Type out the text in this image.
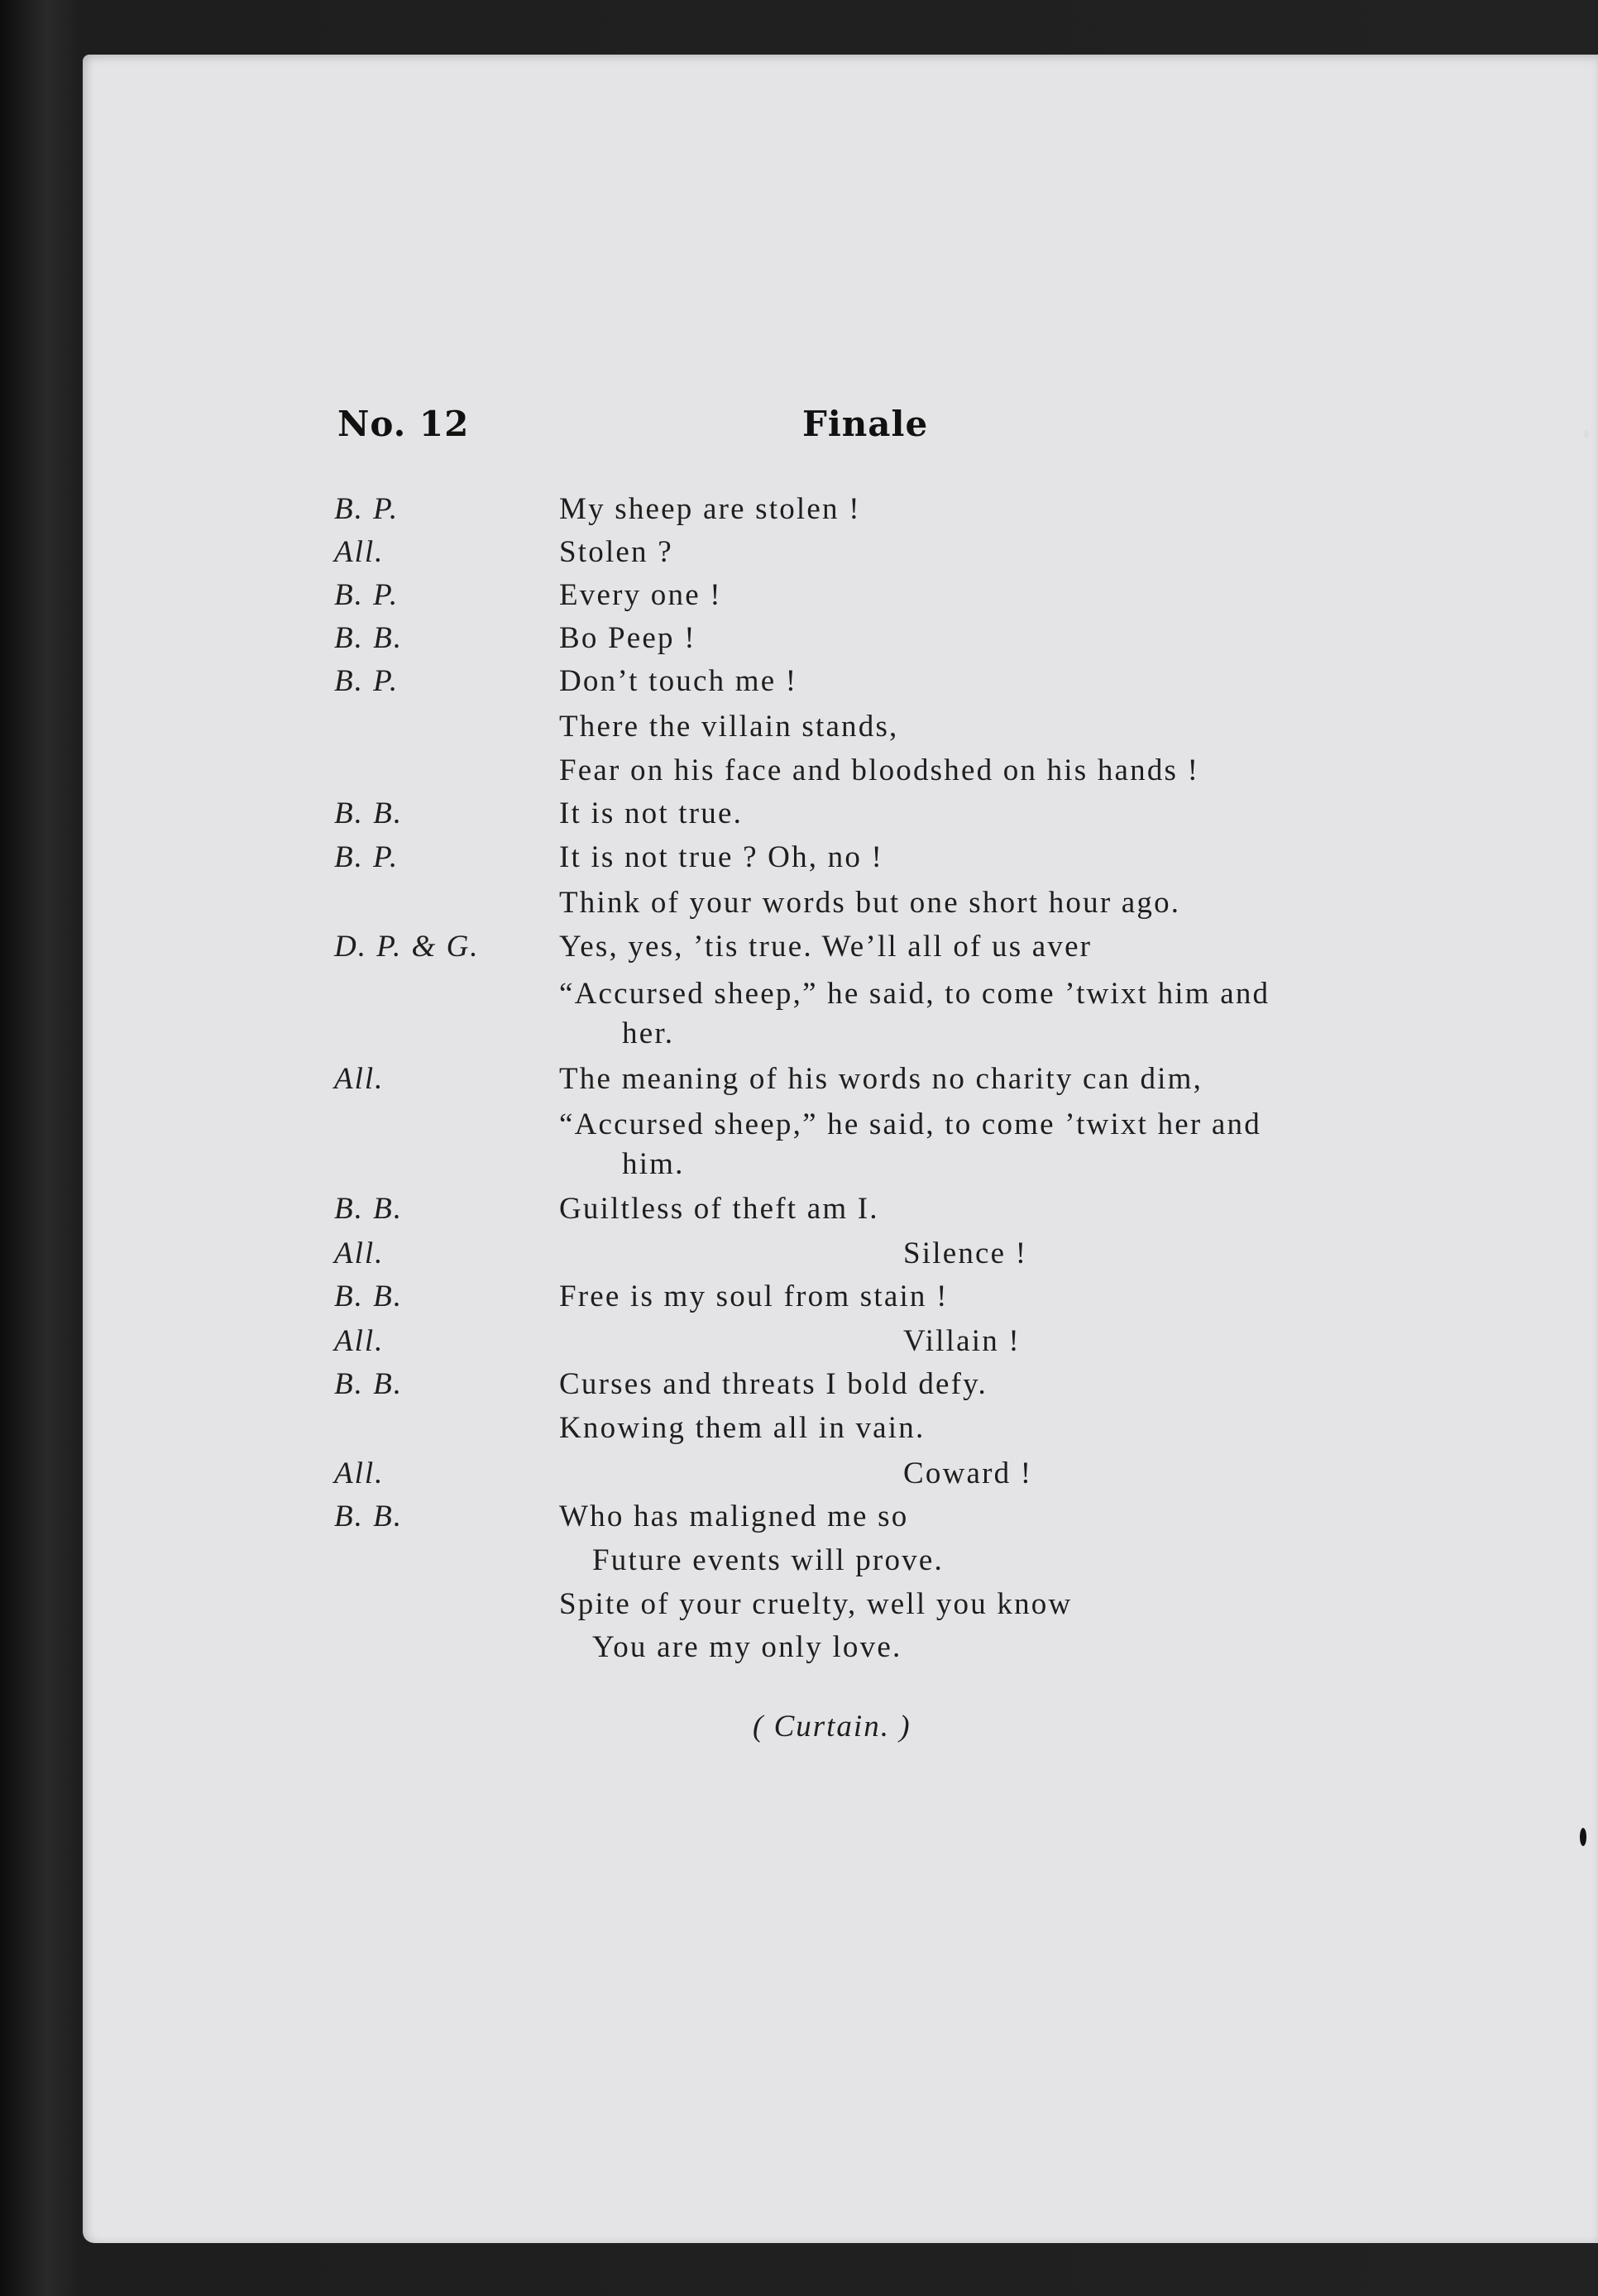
No. 12	Finale
B. P.	My sheep are stolen !
All.	Stolen ?
B. P.	Every one !
B. B.	Bo Peep !
B. P.	Don’t touch me !
There the villain stands,
Fear on his face and bloodshed on his hands !
B. B.	It is not true.
B. P.	It is not true ? Oh, no !
Think of your words but one short hour ago.
D. P. & G.	Yes, yes, ’tis true. We’ll all of us aver
“Accursed sheep,” he said, to come ’twixt him and
her.
All.	The meaning of his words no charity can dim,
“Accursed sheep,” he said, to come ’twixt her and
him.
B. B.	Guiltless of theft am I.
All.	Silence !
B. B.	Free is my soul from stain !
All.	Villain !
B. B.	Curses and threats I bold defy.
Knowing them all in vain.
All.	Coward !
B. B.	Who has maligned me so
Future events will prove.
Spite of your cruelty, well you know
You are my only love.
( Curtain. )
